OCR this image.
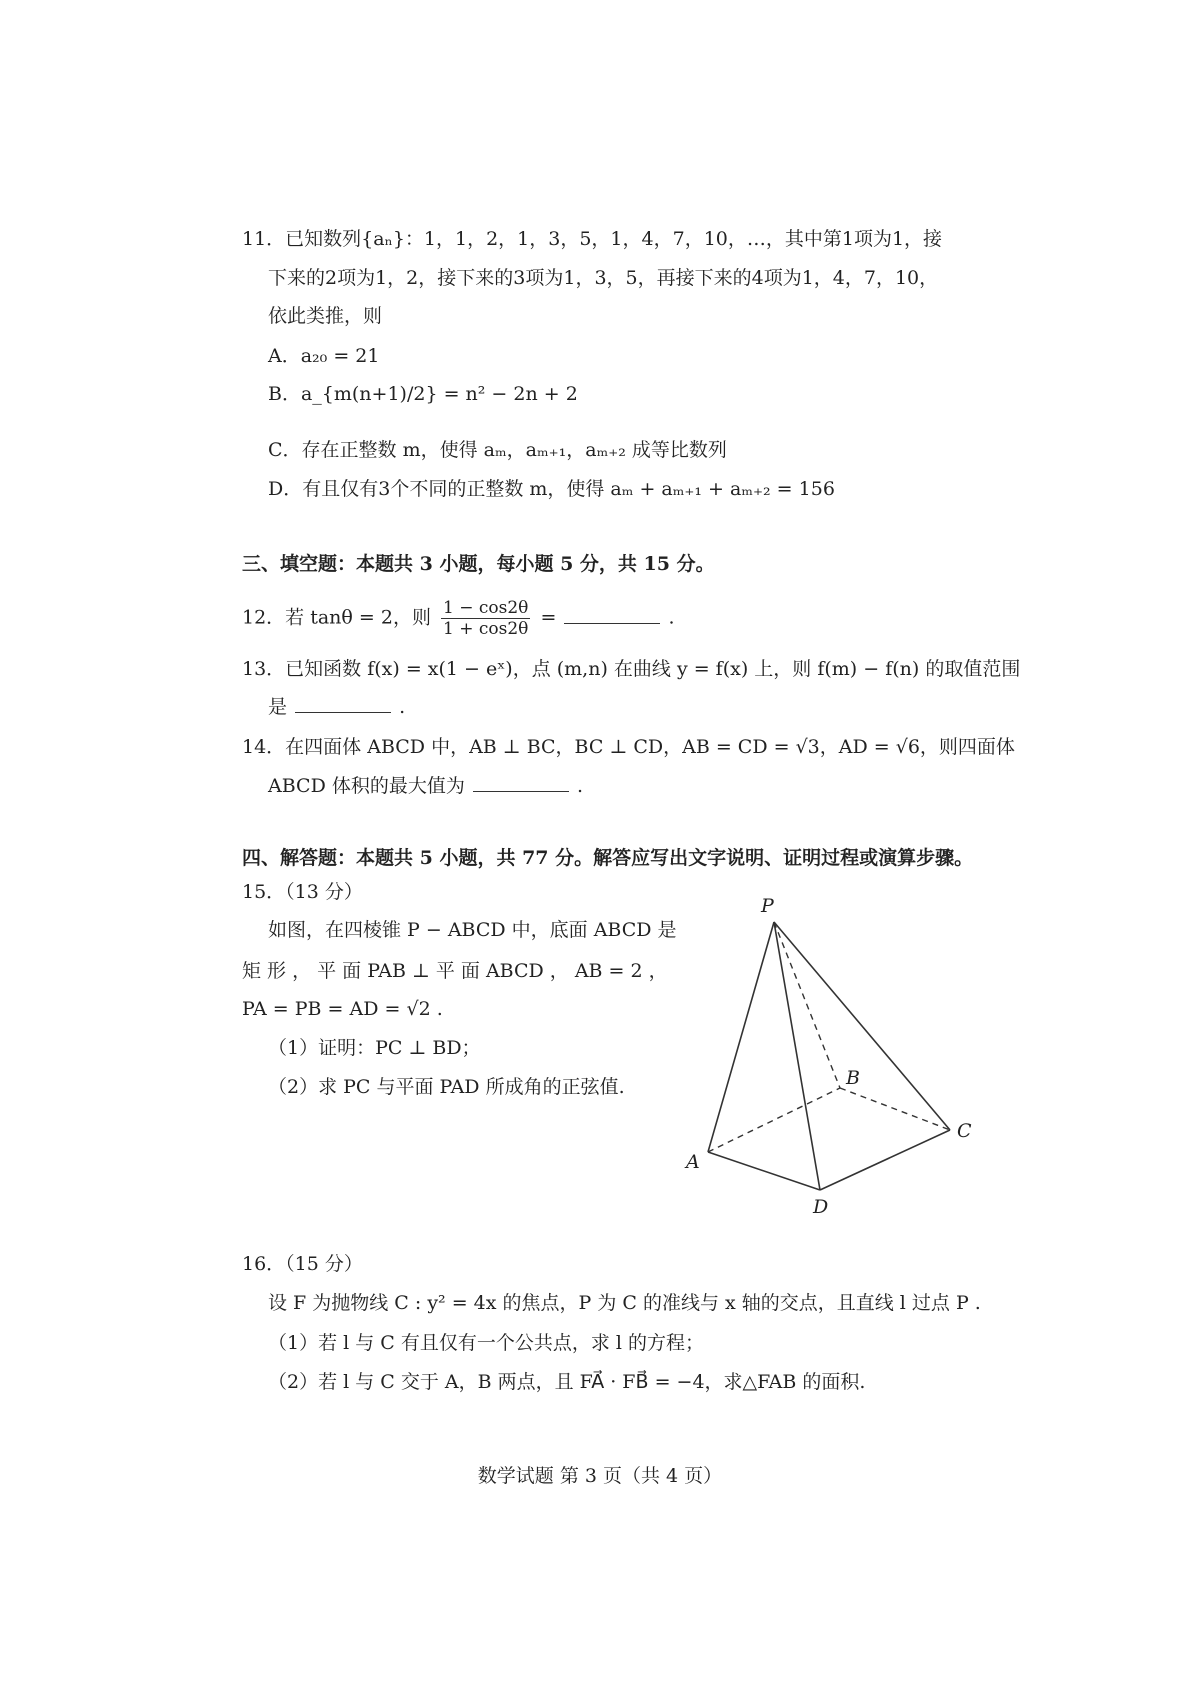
11．已知数列{aₙ}：1，1，2，1，3，5，1，4，7，10，…，其中第1项为1，接
下来的2项为1，2，接下来的3项为1，3，5，再接下来的4项为1，4，7，10，
依此类推，则
A．a₂₀ = 21
B．a_{m(n+1)/2} = n² − 2n + 2
C．存在正整数 m，使得 aₘ，aₘ₊₁，aₘ₊₂ 成等比数列
D．有且仅有3个不同的正整数 m，使得 aₘ + aₘ₊₁ + aₘ₊₂ = 156
三、填空题：本题共 3 小题，每小题 5 分，共 15 分。
12．若 tanθ = 2，则 $\frac{1 - \cos 2\theta}{1 + \cos 2\theta}$ =	.
13．已知函数 f(x) = x(1 − eˣ)，点 (m,n) 在曲线 y = f(x) 上，则 f(m) − f(n) 的取值范围
是	.
14．在四面体 ABCD 中，AB ⊥ BC，BC ⊥ CD，AB = CD = √3，AD = √6，则四面体
ABCD 体积的最大值为	.
四、解答题：本题共 5 小题，共 77 分。解答应写出文字说明、证明过程或演算步骤。
15．（13 分）
如图，在四棱锥 P − ABCD 中，底面 ABCD 是
矩 形 ， 平 面 PAB ⊥ 平 面 ABCD ， AB = 2 ，
PA = PB = AD = √2 .
（1）证明：PC ⊥ BD；
（2）求 PC 与平面 PAD 所成角的正弦值.
P
B
C
A
D
16．（15 分）
设 F 为抛物线 C : y² = 4x 的焦点，P 为 C 的准线与 x 轴的交点，且直线 l 过点 P .
（1）若 l 与 C 有且仅有一个公共点，求 l 的方程；
（2）若 l 与 C 交于 A，B 两点，且 FA⃗ · FB⃗ = −4，求△FAB 的面积.
数学试题 第 3 页（共 4 页）
